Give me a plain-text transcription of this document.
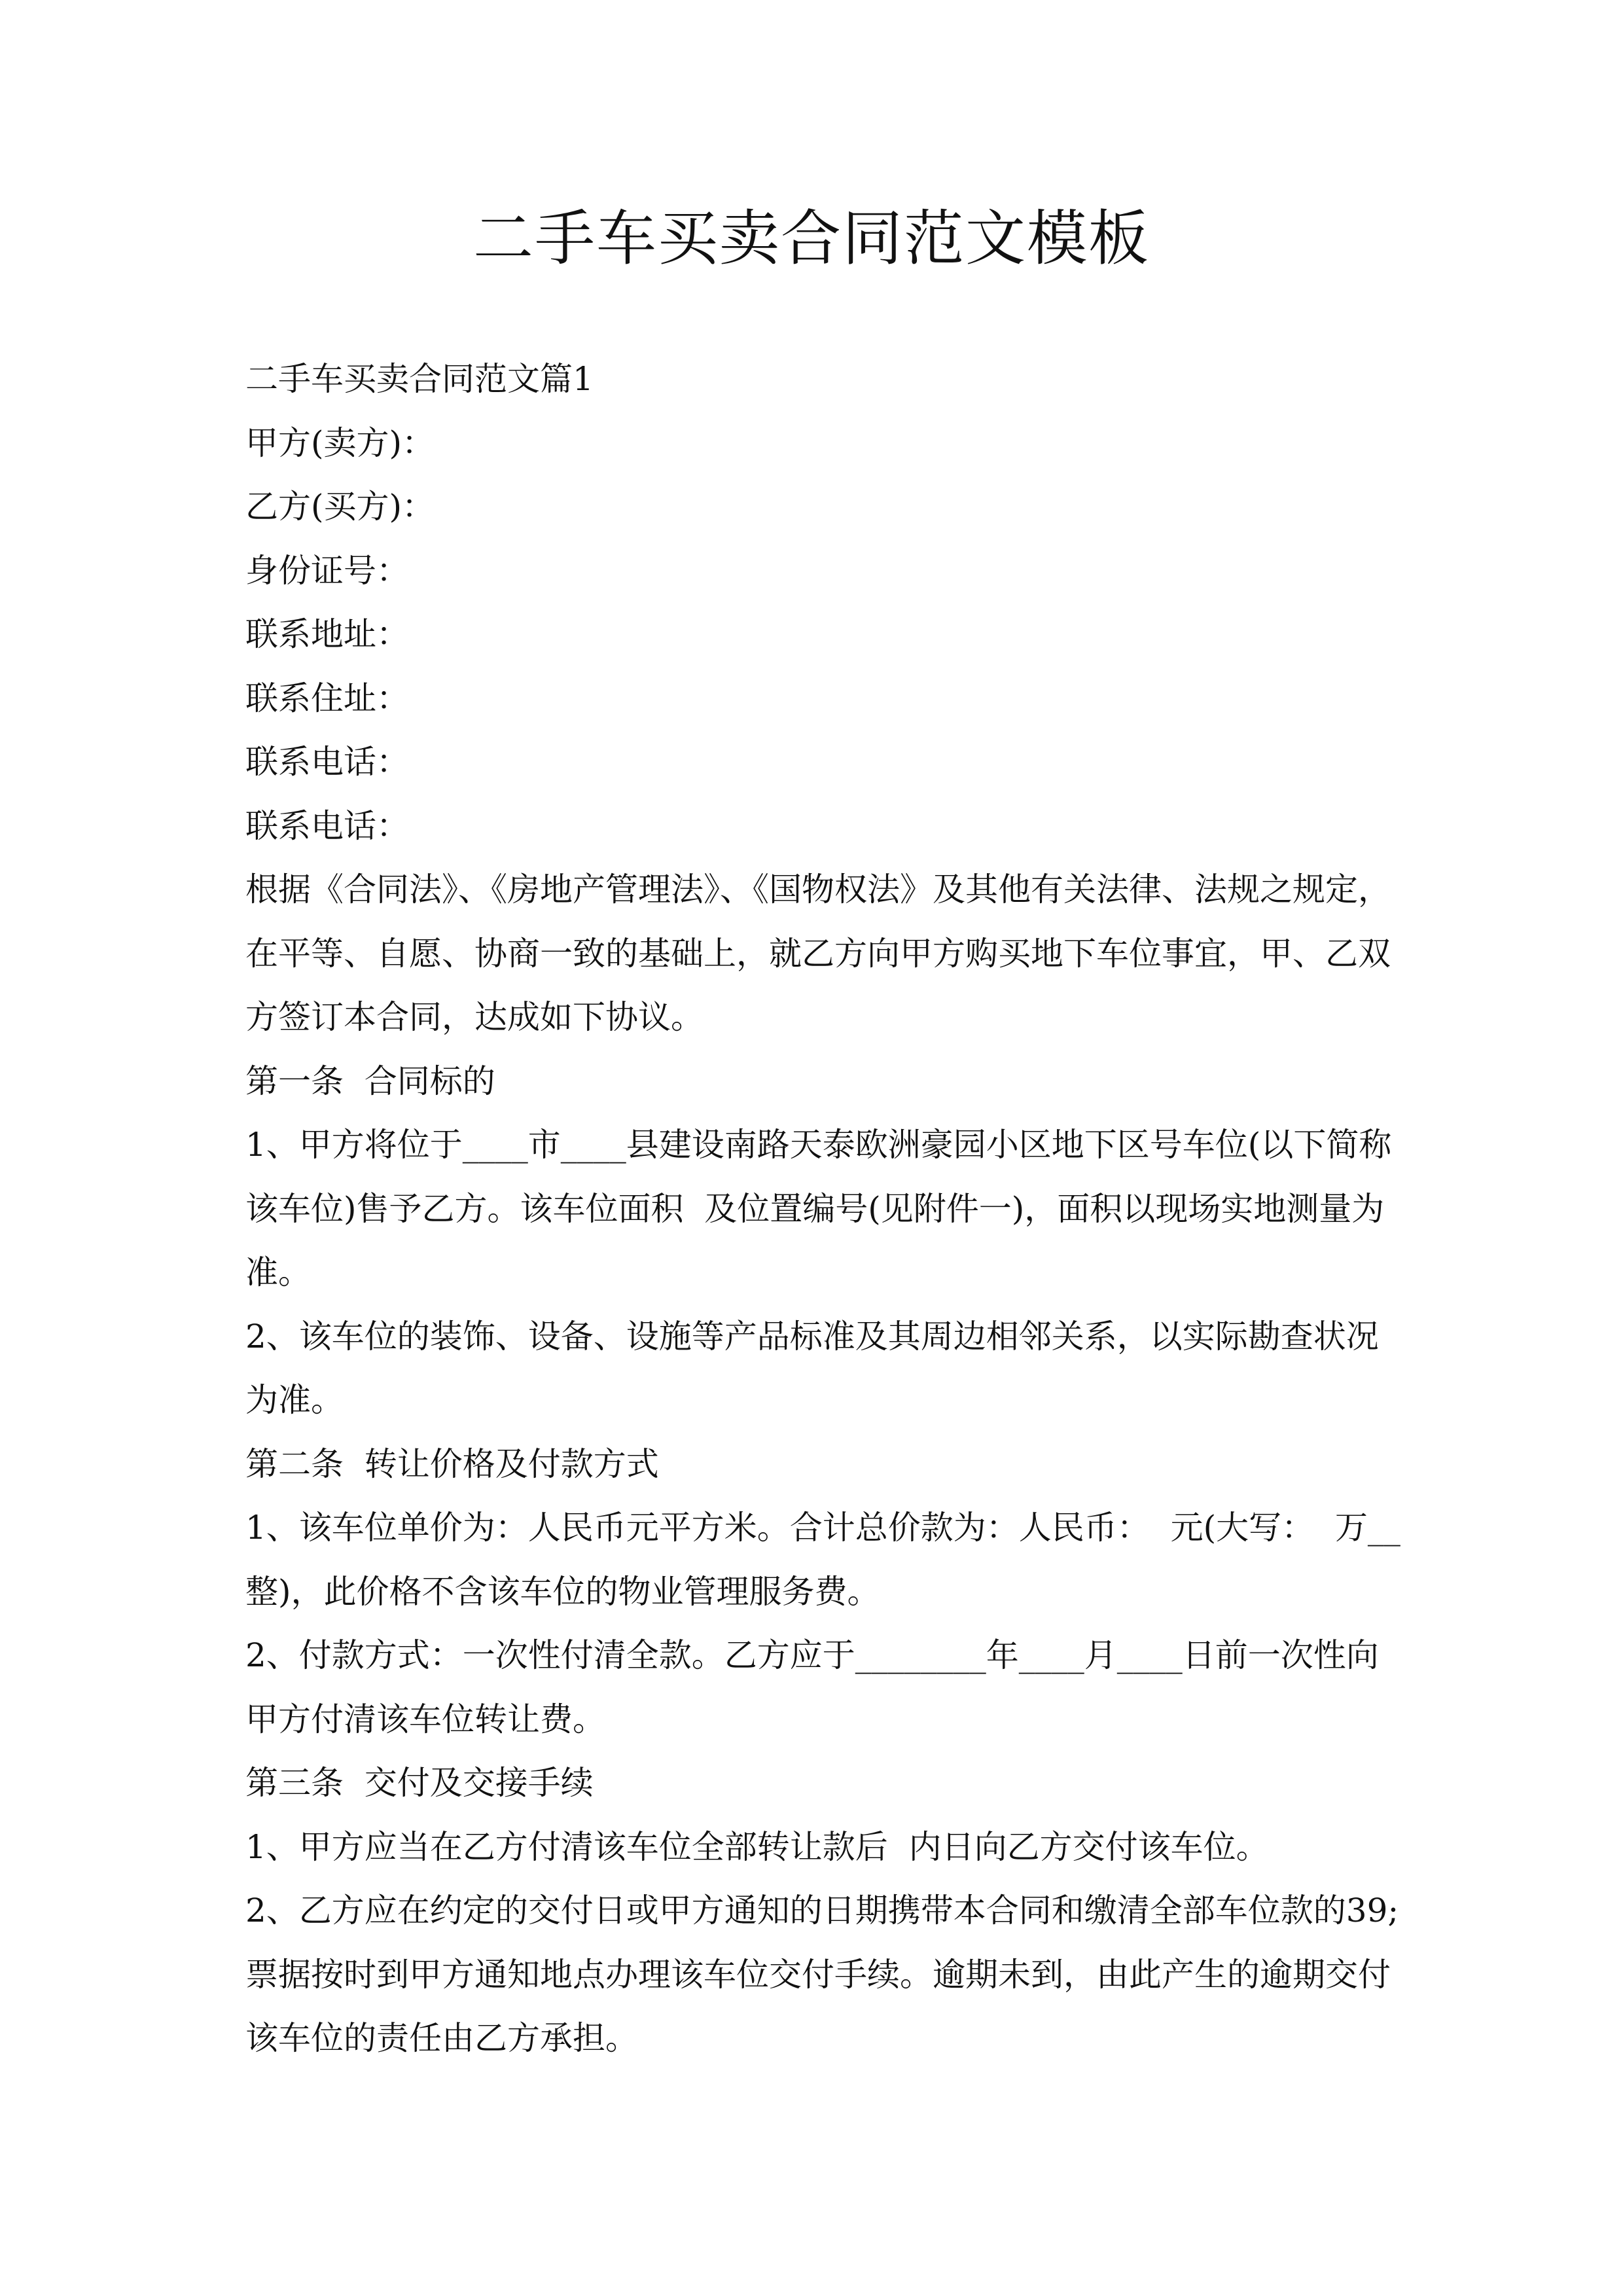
二手车买卖合同范文模板
二手车买卖合同范文篇1
甲方(卖方)：
乙方(买方)：
身份证号：
联系地址：
联系住址：
联系电话：
联系电话：
根据《合同法》、《房地产管理法》、《国物权法》及其他有关法律、法规之规定，
在平等、自愿、协商一致的基础上，就乙方向甲方购买地下车位事宜，甲、乙双
方签订本合同，达成如下协议。
第一条  合同标的
1、甲方将位于____市____县建设南路天泰欧洲豪园小区地下区号车位(以下简称
该车位)售予乙方。该车位面积  及位置编号(见附件一)，面积以现场实地测量为
准。
2、该车位的装饰、设备、设施等产品标准及其周边相邻关系，以实际勘查状况
为准。
第二条  转让价格及付款方式
1、该车位单价为：人民币元平方米。合计总价款为：人民币：  元(大写：  万__
整)，此价格不含该车位的物业管理服务费。
2、付款方式：一次性付清全款。乙方应于________年____月____日前一次性向
甲方付清该车位转让费。
第三条  交付及交接手续
1、甲方应当在乙方付清该车位全部转让款后  内日向乙方交付该车位。
2、乙方应在约定的交付日或甲方通知的日期携带本合同和缴清全部车位款的39;
票据按时到甲方通知地点办理该车位交付手续。逾期未到，由此产生的逾期交付
该车位的责任由乙方承担。
